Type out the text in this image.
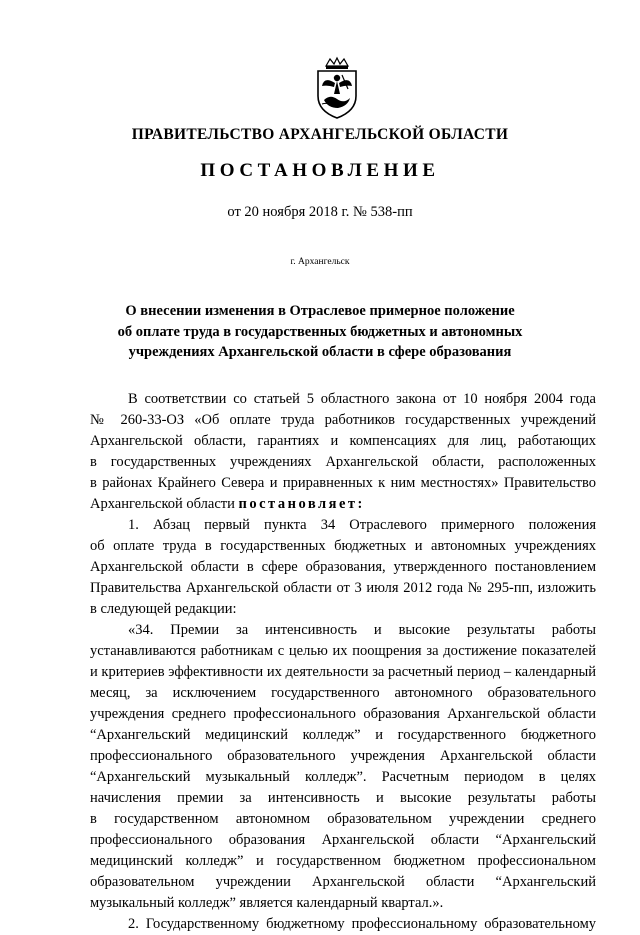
ПРАВИТЕЛЬСТВО АРХАНГЕЛЬСКОЙ ОБЛАСТИ
ПОСТАНОВЛЕНИЕ
от 20 ноября 2018 г. № 538-пп
г. Архангельск
О внесении изменения в Отраслевое примерное положение
об оплате труда в государственных бюджетных и автономных
учреждениях Архангельской области в сфере образования
В соответствии со статьей 5 областного закона от 10 ноября 2004 года
№ 260-33-ОЗ «Об оплате труда работников государственных учреждений
Архангельской области, гарантиях и компенсациях для лиц, работающих
в государственных учреждениях Архангельской области, расположенных
в районах Крайнего Севера и приравненных к ним местностях» Правительство
Архангельской области постановляет:
1. Абзац первый пункта 34 Отраслевого примерного положения
об оплате труда в государственных бюджетных и автономных учреждениях
Архангельской области в сфере образования, утвержденного постановлением
Правительства Архангельской области от 3 июля 2012 года № 295-пп, изложить
в следующей редакции:
«34. Премии за интенсивность и высокие результаты работы
устанавливаются работникам с целью их поощрения за достижение показателей
и критериев эффективности их деятельности за расчетный период – календарный
месяц, за исключением государственного автономного образовательного
учреждения среднего профессионального образования Архангельской области
“Архангельский медицинский колледж” и государственного бюджетного
профессионального образовательного учреждения Архангельской области
“Архангельский музыкальный колледж”. Расчетным периодом в целях
начисления премии за интенсивность и высокие результаты работы
в государственном автономном образовательном учреждении среднего
профессионального образования Архангельской области “Архангельский
медицинский колледж” и государственном бюджетном профессиональном
образовательном учреждении Архангельской области “Архангельский
музыкальный колледж” является календарный квартал.».
2. Государственному бюджетному профессиональному образовательному
